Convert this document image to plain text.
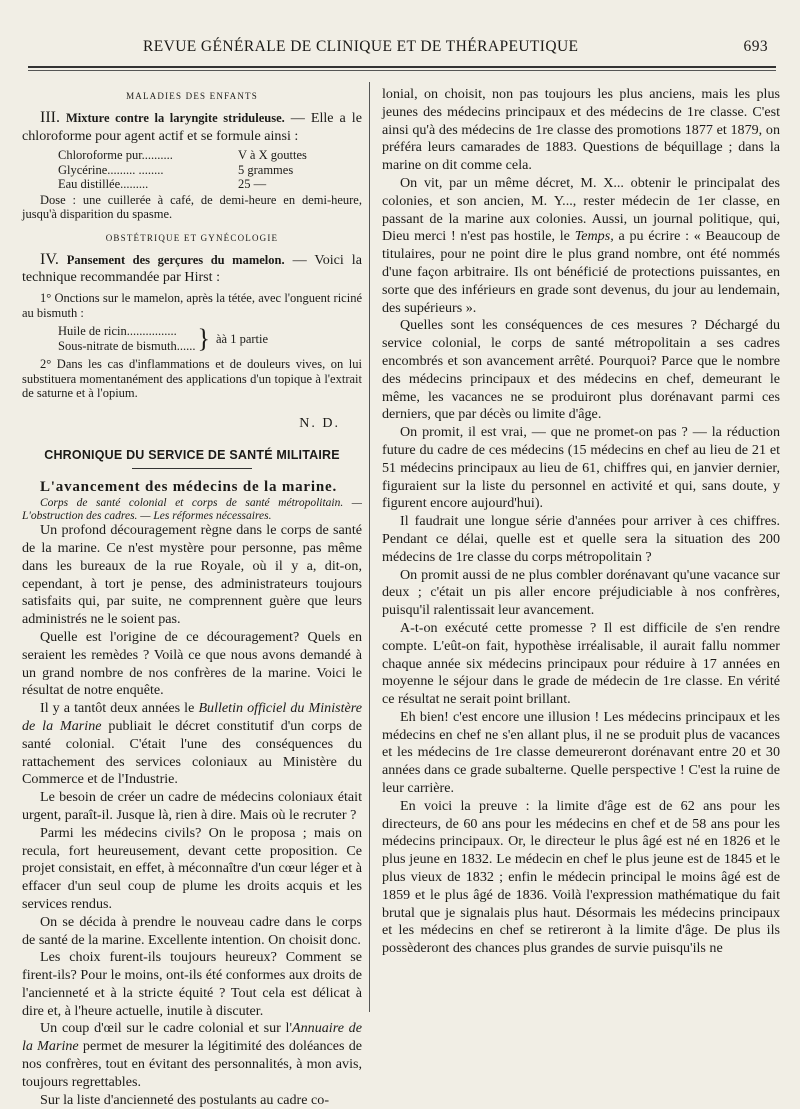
REVUE GÉNÉRALE DE CLINIQUE ET DE THÉRAPEUTIQUE	693
MALADIES DES ENFANTS

III. Mixture contre la laryngite striduleuse. — Elle a le chloroforme pour agent actif et se formule ainsi :

Chloroforme pur..........	V à X gouttes
Glycérine......... ........	5 grammes
Eau distillée.........	25 —

Dose : une cuillerée à café, de demi-heure en demi-heure, jusqu'à disparition du spasme.

OBSTÉTRIQUE ET GYNÉCOLOGIE

IV. Pansement des gerçures du mamelon. — Voici la technique recommandée par Hirst :

1° Onctions sur le mamelon, après la tétée, avec l'onguent riciné au bismuth :

Huile de ricin................
Sous-nitrate de bismuth...... } àà 1 partie

2° Dans les cas d'inflammations et de douleurs vives, on lui substituera momentanément des applications d'un topique à l'extrait de saturne et à l'opium.

N. D.
CHRONIQUE DU SERVICE DE SANTÉ MILITAIRE

L'avancement des médecins de la marine.

Corps de santé colonial et corps de santé métropolitain. — L'obstruction des cadres. — Les réformes nécessaires.

Un profond découragement règne dans le corps de santé de la marine. Ce n'est mystère pour personne, pas même dans les bureaux de la rue Royale, où il y a, dit-on, cependant, à tort je pense, des administrateurs toujours satisfaits qui, par suite, ne comprennent guère que leurs administrés ne le soient pas.

Quelle est l'origine de ce découragement? Quels en seraient les remèdes ? Voilà ce que nous avons demandé à un grand nombre de nos confrères de la marine. Voici le résultat de notre enquête.

Il y a tantôt deux années le Bulletin officiel du Ministère de la Marine publiait le décret constitutif d'un corps de santé colonial. C'était l'une des conséquences du rattachement des services coloniaux au Ministère du Commerce et de l'Industrie.

Le besoin de créer un cadre de médecins coloniaux était urgent, paraît-il. Jusque là, rien à dire. Mais où le recruter ?

Parmi les médecins civils? On le proposa ; mais on recula, fort heureusement, devant cette proposition. Ce projet consistait, en effet, à méconnaître d'un cœur léger et à effacer d'un seul coup de plume les droits acquis et les services rendus.

On se décida à prendre le nouveau cadre dans le corps de santé de la marine. Excellente intention. On choisit donc.

Les choix furent-ils toujours heureux? Comment se firent-ils? Pour le moins, ont-ils été conformes aux droits de l'ancienneté et à la stricte équité ? Tout cela est délicat à dire et, à l'heure actuelle, inutile à discuter.

Un coup d'œil sur le cadre colonial et sur l'Annuaire de la Marine permet de mesurer la légitimité des doléances de nos confrères, tout en évitant des personnalités, à mon avis, toujours regrettables.

Sur la liste d'ancienneté des postulants au cadre co-

lonial, on choisit, non pas toujours les plus anciens, mais les plus jeunes des médecins principaux et des médecins de 1re classe. C'est ainsi qu'à des médecins de 1re classe des promotions 1877 et 1879, on préféra leurs camarades de 1883. Questions de béquillage ; dans la marine on dit comme cela.

On vit, par un même décret, M. X... obtenir le principalat des colonies, et son ancien, M. Y..., rester médecin de 1er classe, en passant de la marine aux colonies. Aussi, un journal politique, qui, Dieu merci ! n'est pas hostile, le Temps, a pu écrire : « Beaucoup de titulaires, pour ne point dire le plus grand nombre, ont été nommés d'une façon arbitraire. Ils ont bénéficié de protections puissantes, en sorte que des inférieurs en grade sont devenus, du jour au lendemain, des supérieurs ».

Quelles sont les conséquences de ces mesures ? Déchargé du service colonial, le corps de santé métropolitain a ses cadres encombrés et son avancement arrêté. Pourquoi? Parce que le nombre des médecins principaux et des médecins en chef, demeurant le même, les vacances ne se produiront plus dorénavant parmi ces derniers, que par décès ou limite d'âge.

On promit, il est vrai, — que ne promet-on pas ? — la réduction future du cadre de ces médecins (15 médecins en chef au lieu de 21 et 51 médecins principaux au lieu de 61, chiffres qui, en janvier dernier, figuraient sur la liste du personnel en activité et qui, sans doute, y figurent encore aujourd'hui).

Il faudrait une longue série d'années pour arriver à ces chiffres. Pendant ce délai, quelle est et quelle sera la situation des 200 médecins de 1re classe du corps métropolitain ?

On promit aussi de ne plus combler dorénavant qu'une vacance sur deux ; c'était un pis aller encore préjudiciable à nos confrères, puisqu'il ralentissait leur avancement.

A-t-on exécuté cette promesse ? Il est difficile de s'en rendre compte. L'eût-on fait, hypothèse irréalisable, il aurait fallu nommer chaque année six médecins principaux pour réduire à 17 années en moyenne le séjour dans le grade de médecin de 1re classe. En vérité ce résultat ne serait point brillant.

Eh bien! c'est encore une illusion ! Les médecins principaux et les médecins en chef ne s'en allant plus, il ne se produit plus de vacances et les médecins de 1re classe demeureront dorénavant entre 20 et 30 années dans ce grade subalterne. Quelle perspective ! C'est la ruine de leur carrière.

En voici la preuve : la limite d'âge est de 62 ans pour les directeurs, de 60 ans pour les médecins en chef et de 58 ans pour les médecins principaux. Or, le directeur le plus âgé est né en 1826 et le plus jeune en 1832. Le médecin en chef le plus jeune est de 1845 et le plus vieux de 1832 ; enfin le médecin principal le moins âgé est de 1859 et le plus âgé de 1836. Voilà l'expression mathématique du fait brutal que je signalais plus haut. Désormais les médecins principaux et les médecins en chef se retireront à la limite d'âge. De plus ils possèderont des chances plus grandes de survie puisqu'ils ne
